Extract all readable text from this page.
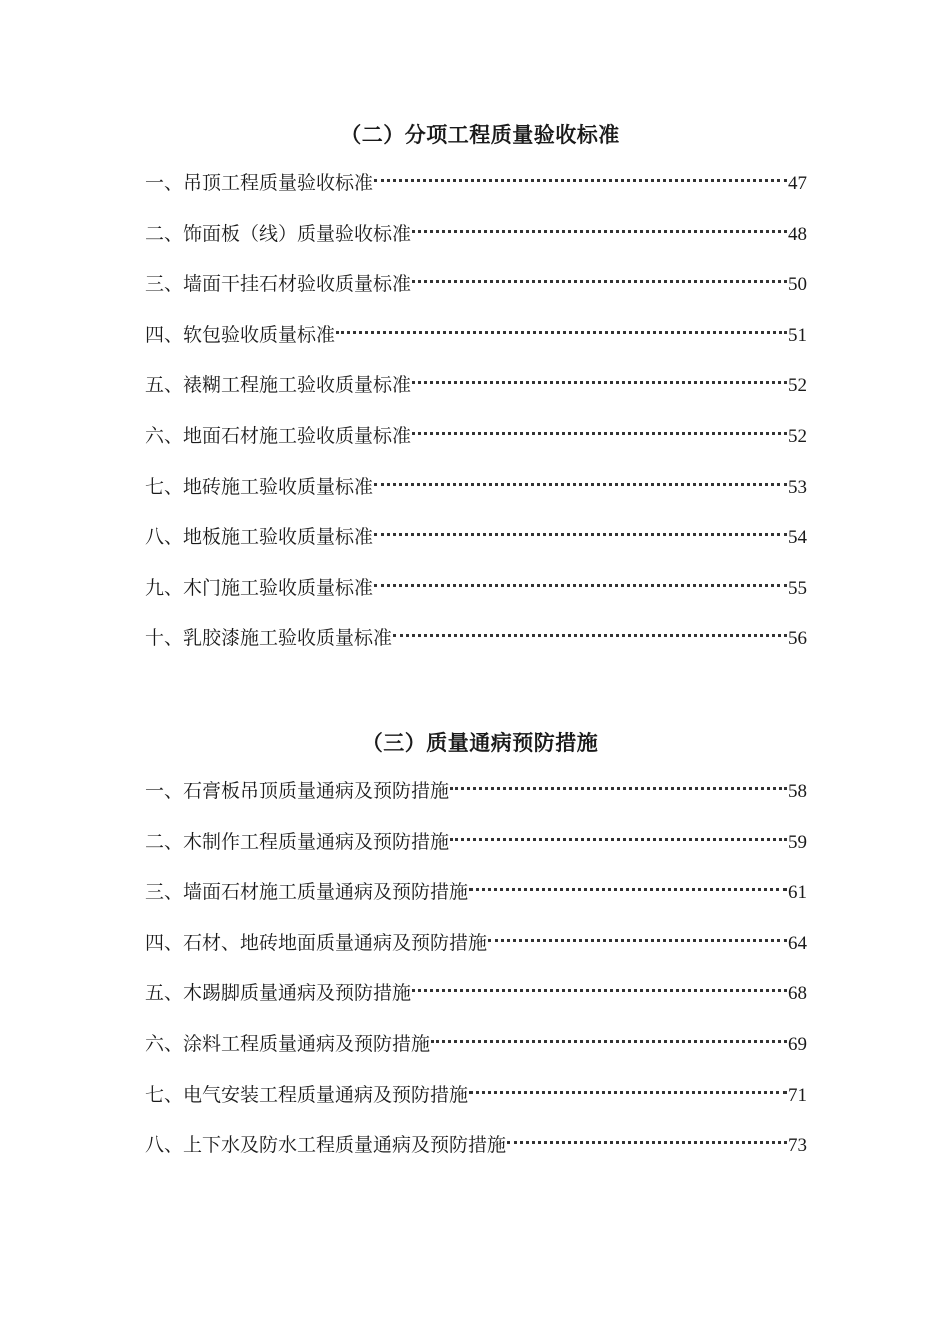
（二）分项工程质量验收标准
一、吊顶工程质量验收标准	47
二、饰面板（线）质量验收标准	48
三、墙面干挂石材验收质量标准	50
四、软包验收质量标准	51
五、裱糊工程施工验收质量标准	52
六、地面石材施工验收质量标准	52
七、地砖施工验收质量标准	53
八、地板施工验收质量标准	54
九、木门施工验收质量标准	55
十、乳胶漆施工验收质量标准	56
（三）质量通病预防措施
一、石膏板吊顶质量通病及预防措施	58
二、木制作工程质量通病及预防措施	59
三、墙面石材施工质量通病及预防措施	61
四、石材、地砖地面质量通病及预防措施	64
五、木踢脚质量通病及预防措施	68
六、涂料工程质量通病及预防措施	69
七、电气安装工程质量通病及预防措施	71
八、上下水及防水工程质量通病及预防措施	73
